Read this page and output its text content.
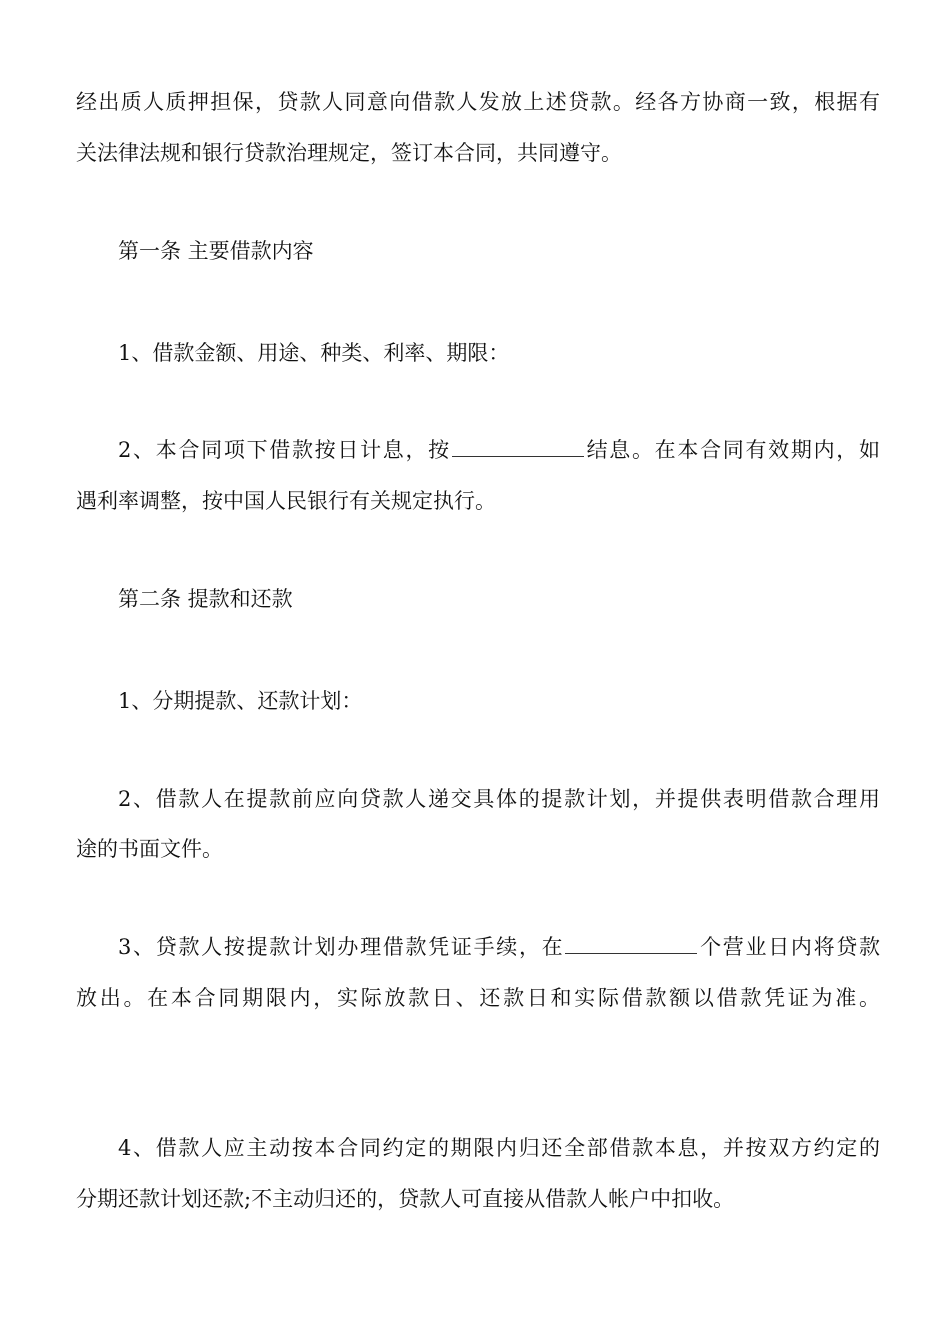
经出质人质押担保，贷款人同意向借款人发放上述贷款。经各方协商一致，根据有
关法律法规和银行贷款治理规定，签订本合同，共同遵守。
第一条 主要借款内容
1、借款金额、用途、种类、利率、期限：
2、本合同项下借款按日计息，按	结息。在本合同有效期内，如
遇利率调整，按中国人民银行有关规定执行。
第二条 提款和还款
1、分期提款、还款计划：
2、借款人在提款前应向贷款人递交具体的提款计划，并提供表明借款合理用
途的书面文件。
3、贷款人按提款计划办理借款凭证手续，在	个营业日内将贷款
放出。在本合同期限内，实际放款日、还款日和实际借款额以借款凭证为准。
4、借款人应主动按本合同约定的期限内归还全部借款本息，并按双方约定的
分期还款计划还款;不主动归还的，贷款人可直接从借款人帐户中扣收。
